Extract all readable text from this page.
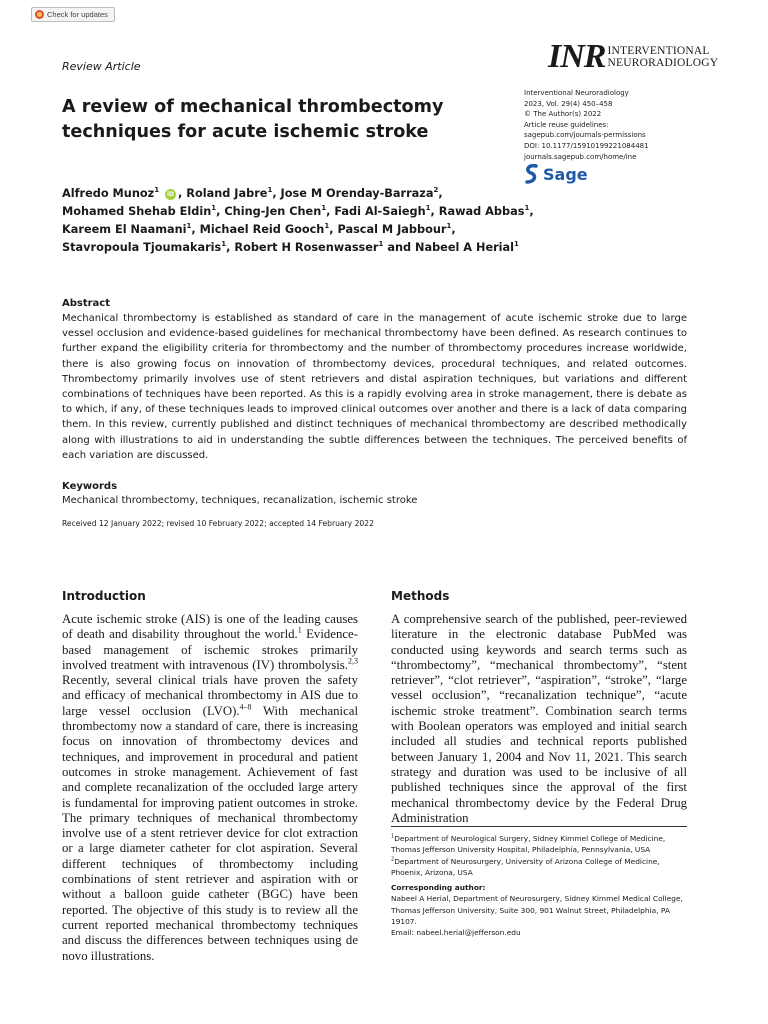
Check for updates
Review Article	INR INTERVENTIONAL
NEURORADIOLOGY
Interventional Neuroradiology
2023, Vol. 29(4) 450–458
© The Author(s) 2022
Article reuse guidelines:
sagepub.com/journals-permissions
DOI: 10.1177/15910199221084481
journals.sagepub.com/home/ine
Sage
A review of mechanical thrombectomy techniques for acute ischemic stroke
Alfredo Munoz$^1$ iD , Roland Jabre$^1$, Jose M Orenday-Barraza$^2$,
Mohamed Shehab Eldin$^1$, Ching-Jen Chen$^1$, Fadi Al-Saiegh$^1$, Rawad Abbas$^1$,
Kareem El Naamani$^1$, Michael Reid Gooch$^1$, Pascal M Jabbour$^1$,
Stavropoula Tjoumakaris$^1$, Robert H Rosenwasser$^1$ and Nabeel A Herial$^1$
Abstract

Mechanical thrombectomy is established as standard of care in the management of acute ischemic stroke due to large vessel occlusion and evidence-based guidelines for mechanical thrombectomy have been defined. As research continues to further expand the eligibility criteria for thrombectomy and the number of thrombectomy procedures increase worldwide, there is also growing focus on innovation of thrombectomy devices, procedural techniques, and related outcomes. Thrombectomy primarily involves use of stent retrievers and distal aspiration techniques, but variations and different combinations of techniques have been reported. As this is a rapidly evolving area in stroke management, there is debate as to which, if any, of these techniques leads to improved clinical outcomes over another and there is a lack of data comparing them. In this review, currently published and distinct techniques of mechanical thrombectomy are described methodically along with illustrations to aid in understanding the subtle differences between the techniques. The perceived benefits of each variation are discussed.

Keywords
Mechanical thrombectomy, techniques, recanalization, ischemic stroke
Received 12 January 2022; revised 10 February 2022; accepted 14 February 2022
Introduction

Acute ischemic stroke (AIS) is one of the leading causes of death and disability throughout the world.$^1$ Evidence-based management of ischemic strokes primarily involved treatment with intravenous (IV) thrombolysis.$^{2,3}$ Recently, several clinical trials have proven the safety and efficacy of mechanical thrombectomy in AIS due to large vessel occlusion (LVO).$^{4-8}$ With mechanical thrombectomy now a standard of care, there is increasing focus on innovation of thrombectomy devices and techniques, and improvement in procedural and patient outcomes in stroke management. Achievement of fast and complete recanalization of the occluded large artery is fundamental for improving patient outcomes in stroke. The primary techniques of mechanical thrombectomy involve use of a stent retriever device for clot extraction or a large diameter catheter for clot aspiration. Several different techniques of thrombectomy including combinations of stent retriever and aspiration with or without a balloon guide catheter (BGC) have been reported. The objective of this study is to review all the current reported mechanical thrombectomy techniques and discuss the differences between techniques using de novo illustrations.

Methods

A comprehensive search of the published, peer-reviewed literature in the electronic database PubMed was conducted using keywords and search terms such as “thrombectomy”, “mechanical thrombectomy”, “stent retriever”, “clot retriever”, “aspiration”, “stroke”, “large vessel occlusion”, “recanalization technique”, “acute ischemic stroke treatment”. Combination search terms with Boolean operators was employed and initial search included all studies and technical reports published between January 1, 2004 and Nov 11, 2021. This search strategy and duration was used to be inclusive of all published techniques since the approval of the first mechanical thrombectomy device by the Federal Drug Administration

$^1$Department of Neurological Surgery, Sidney Kimmel College of Medicine, Thomas Jefferson University Hospital, Philadelphia, Pennsylvania, USA

$^2$Department of Neurosurgery, University of Arizona College of Medicine, Phoenix, Arizona, USA

Corresponding author:

Nabeel A Herial, Department of Neurosurgery, Sidney Kimmel Medical College, Thomas Jefferson University, Suite 300, 901 Walnut Street, Philadelphia, PA 19107.

Email: nabeel.herial@jefferson.edu
